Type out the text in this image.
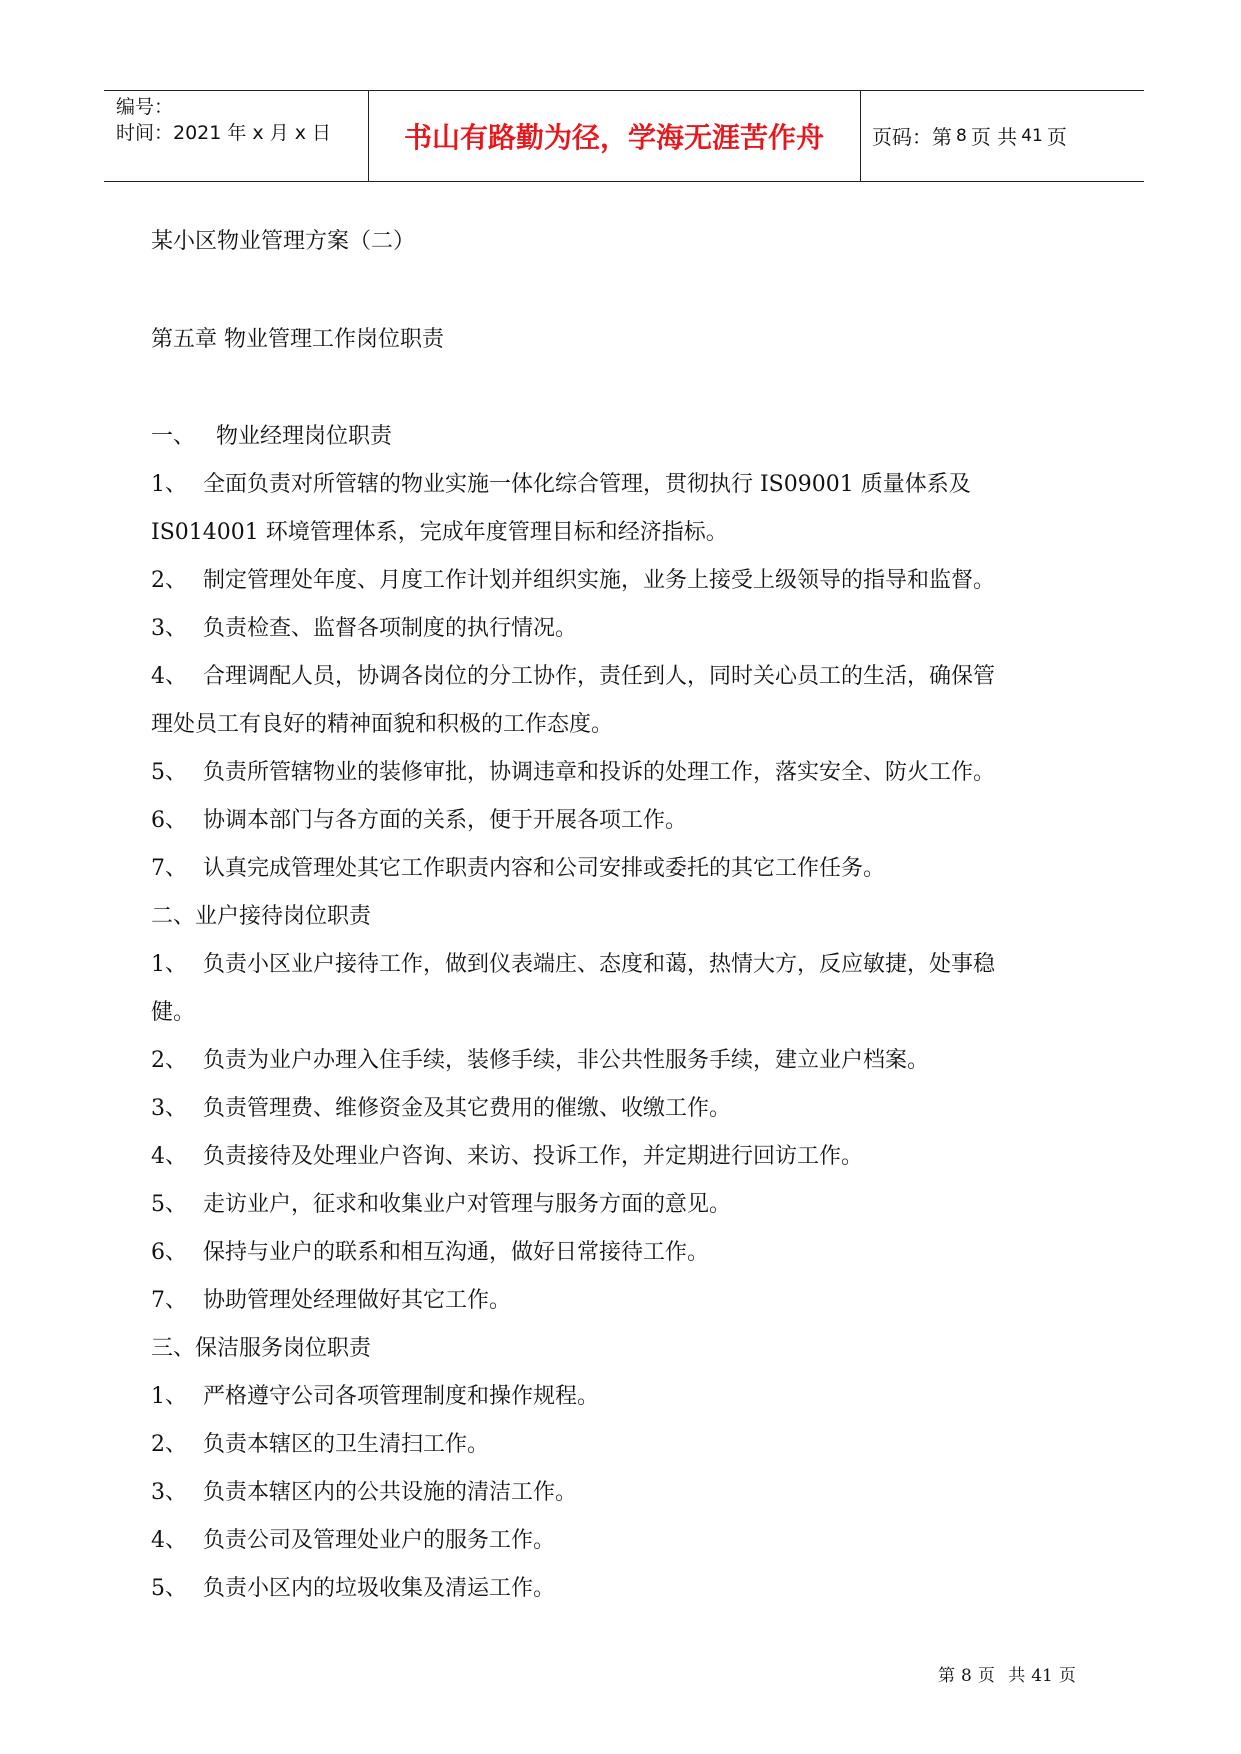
编号：
时间：2021 年 x 月 x 日	书山有路勤为径，学海无涯苦作舟	页码：第 8 页 共 41 页
某小区物业管理方案（二）
第五章 物业管理工作岗位职责
一、 物业经理岗位职责
1、 全面负责对所管辖的物业实施一体化综合管理，贯彻执行 IS09001 质量体系及
IS014001 环境管理体系，完成年度管理目标和经济指标。
2、 制定管理处年度、月度工作计划并组织实施，业务上接受上级领导的指导和监督。
3、 负责检查、监督各项制度的执行情况。
4、 合理调配人员，协调各岗位的分工协作，责任到人，同时关心员工的生活，确保管
理处员工有良好的精神面貌和积极的工作态度。
5、 负责所管辖物业的装修审批，协调违章和投诉的处理工作，落实安全、防火工作。
6、 协调本部门与各方面的关系，便于开展各项工作。
7、 认真完成管理处其它工作职责内容和公司安排或委托的其它工作任务。
二、业户接待岗位职责
1、 负责小区业户接待工作，做到仪表端庄、态度和蔼，热情大方，反应敏捷，处事稳
健。
2、 负责为业户办理入住手续，装修手续，非公共性服务手续，建立业户档案。
3、 负责管理费、维修资金及其它费用的催缴、收缴工作。
4、 负责接待及处理业户咨询、来访、投诉工作，并定期进行回访工作。
5、 走访业户，征求和收集业户对管理与服务方面的意见。
6、 保持与业户的联系和相互沟通，做好日常接待工作。
7、 协助管理处经理做好其它工作。
三、保洁服务岗位职责
1、 严格遵守公司各项管理制度和操作规程。
2、 负责本辖区的卫生清扫工作。
3、 负责本辖区内的公共设施的清洁工作。
4、 负责公司及管理处业户的服务工作。
5、 负责小区内的垃圾收集及清运工作。
第 8 页 共 41 页
